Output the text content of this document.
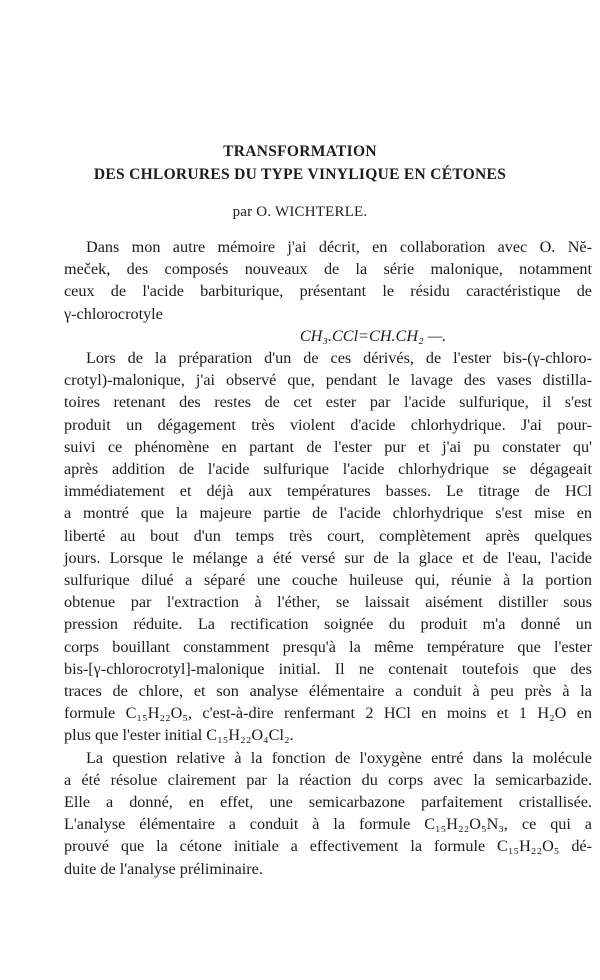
TRANSFORMATION
DES CHLORURES DU TYPE VINYLIQUE EN CÉTONES
par O. WICHTERLE.

Dans mon autre mémoire j'ai décrit, en collaboration avec O. Nĕ-
meček, des composés nouveaux de la série malonique, notamment
ceux de l'acide barbiturique, présentant le résidu caractéristique de
γ-chlorocrotyle

CH₃.CCl=CH.CH₂ —.

Lors de la préparation d'un de ces dérivés, de l'ester bis-(γ-chloro-
crotyl)-malonique, j'ai observé que, pendant le lavage des vases distilla-
toires retenant des restes de cet ester par l'acide sulfurique, il s'est
produit un dégagement très violent d'acide chlorhydrique. J'ai pour-
suivi ce phénomène en partant de l'ester pur et j'ai pu constater qu'
après addition de l'acide sulfurique l'acide chlorhydrique se dégageait
immédiatement et déjà aux températures basses. Le titrage de HCl
a montré que la majeure partie de l'acide chlorhydrique s'est mise en
liberté au bout d'un temps très court, complètement après quelques
jours. Lorsque le mélange a été versé sur de la glace et de l'eau, l'acide
sulfurique dilué a séparé une couche huileuse qui, réunie à la portion
obtenue par l'extraction à l'éther, se laissait aisément distiller sous
pression réduite. La rectification soignée du produit m'a donné un
corps bouillant constamment presqu'à la même température que l'ester
bis-[γ-chlorocrotyl]-malonique initial. Il ne contenait toutefois que des
traces de chlore, et son analyse élémentaire a conduit à peu près à la
formule C₁₅H₂₂O₅, c'est-à-dire renfermant 2 HCl en moins et 1 H₂O en
plus que l'ester initial C₁₅H₂₂O₄Cl₂.

La question relative à la fonction de l'oxygène entré dans la molécule
a été résolue clairement par la réaction du corps avec la semicarbazide.
Elle a donné, en effet, une semicarbazone parfaitement cristallisée.
L'analyse élémentaire a conduit à la formule C₁₅H₂₂O₅N₃, ce qui a
prouvé que la cétone initiale a effectivement la formule C₁₅H₂₂O₅ dé-
duite de l'analyse préliminaire.
